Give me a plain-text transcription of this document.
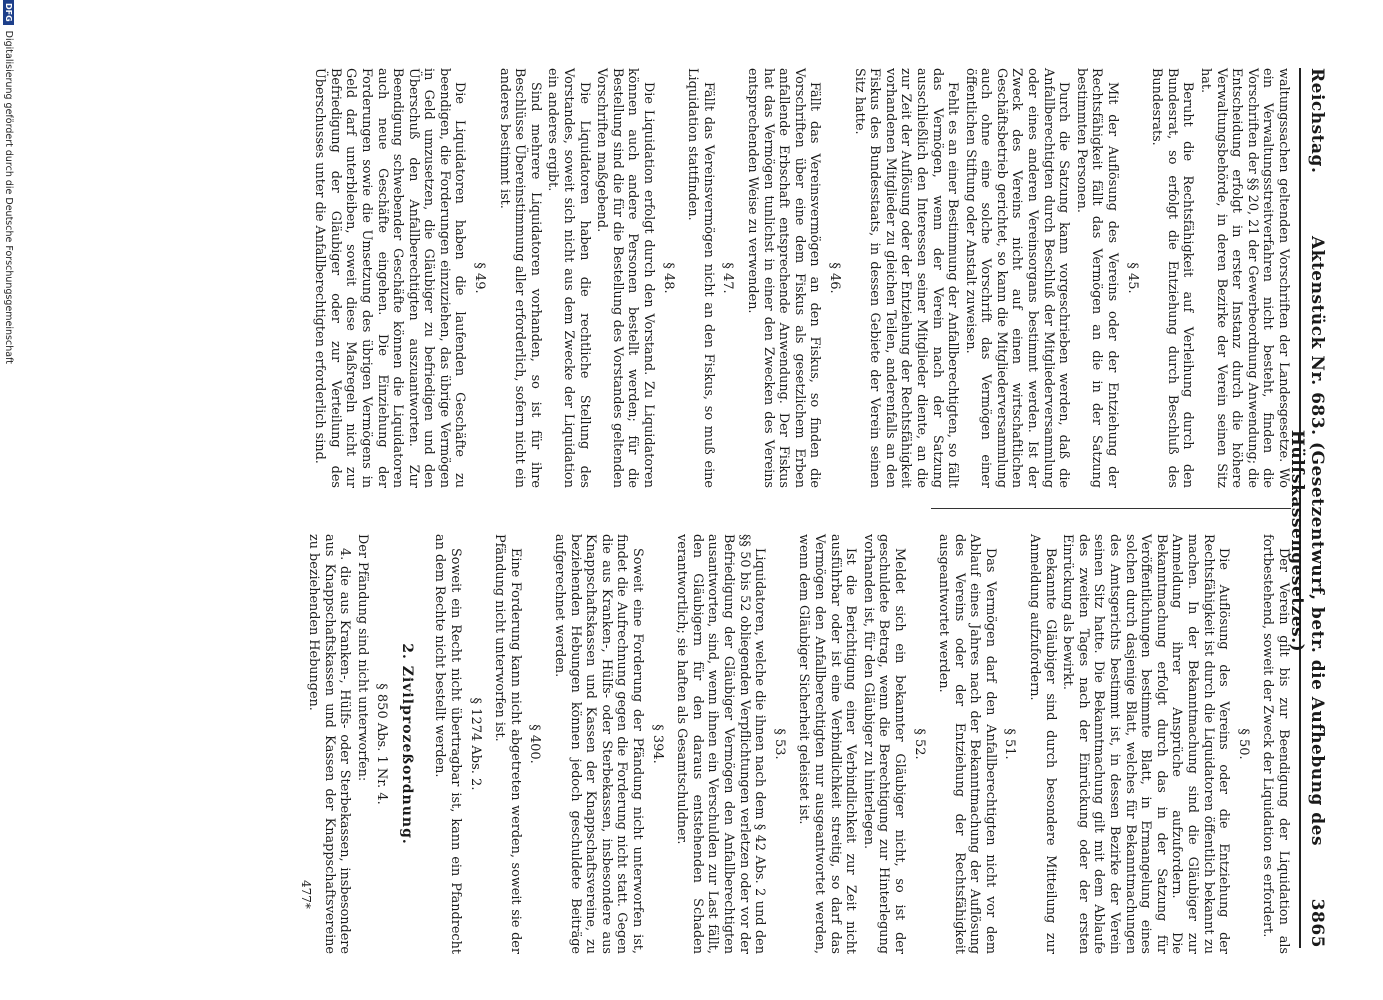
Reichstag.
Aktenstück Nr. 683. (Gesetzentwurf, betr. die Aufhebung des Hülfskassengesetzes.)
3865

waltungssachen geltenden Vorschriften der Landesgesetze. Wo ein Verwaltungsstreitverfahren nicht besteht, finden die Vorschriften der §§ 20, 21 der Gewerbeordnung Anwendung; die Entscheidung erfolgt in erster Instanz durch die höhere Verwaltungsbehörde, in deren Bezirke der Verein seinen Sitz hat.

Beruht die Rechtsfähigkeit auf Verleihung durch den Bundesrat, so erfolgt die Entziehung durch Beschluß des Bundesrats.

§ 45.

Mit der Auflösung des Vereins oder der Entziehung der Rechtsfähigkeit fällt das Vermögen an die in der Satzung bestimmten Personen.

Durch die Satzung kann vorgeschrieben werden, daß die Anfallberechtigten durch Beschluß der Mitgliederversammlung oder eines anderen Vereinsorgans bestimmt werden. Ist der Zweck des Vereins nicht auf einen wirtschaftlichen Geschäftsbetrieb gerichtet, so kann die Mitgliederversammlung auch ohne eine solche Vorschrift das Vermögen einer öffentlichen Stiftung oder Anstalt zuweisen.

Fehlt es an einer Bestimmung der Anfallberechtigten, so fällt das Vermögen, wenn der Verein nach der Satzung ausschließlich den Interessen seiner Mitglieder diente, an die zur Zeit der Auflösung oder der Entziehung der Rechtsfähigkeit vorhandenen Mitglieder zu gleichen Teilen, anderenfalls an den Fiskus des Bundesstaats, in dessen Gebiete der Verein seinen Sitz hatte.

§ 46.

Fällt das Vereinsvermögen an den Fiskus, so finden die Vorschriften über eine dem Fiskus als gesetzlichem Erben anfallende Erbschaft entsprechende Anwendung. Der Fiskus hat das Vermögen tunlichst in einer den Zwecken des Vereins entsprechenden Weise zu verwenden.

§ 47.

Fällt das Vereinsvermögen nicht an den Fiskus, so muß eine Liquidation stattfinden.

§ 48.

Die Liquidation erfolgt durch den Vorstand. Zu Liquidatoren können auch andere Personen bestellt werden; für die Bestellung sind die für die Bestellung des Vorstandes geltenden Vorschriften maßgebend.

Die Liquidatoren haben die rechtliche Stellung des Vorstandes, soweit sich nicht aus dem Zwecke der Liquidation ein anderes ergibt.

Sind mehrere Liquidatoren vorhanden, so ist für ihre Beschlüsse Übereinstimmung aller erforderlich, sofern nicht ein anderes bestimmt ist.

§ 49.

Die Liquidatoren haben die laufenden Geschäfte zu beendigen, die Forderungen einzuziehen, das übrige Vermögen in Geld umzusetzen, die Gläubiger zu befriedigen und den Überschuß den Anfallberechtigten auszuantworten. Zur Beendigung schwebender Geschäfte können die Liquidatoren auch neue Geschäfte eingehen. Die Einziehung der Forderungen sowie die Umsetzung des übrigen Vermögens in Geld darf unterbleiben, soweit diese Maßregeln nicht zur Befriedigung der Gläubiger oder zur Verteilung des Überschusses unter die Anfallberechtigten erforderlich sind.

Der Verein gilt bis zur Beendigung der Liquidation als fortbestehend, soweit der Zweck der Liquidation es erfordert.

§ 50.

Die Auflösung des Vereins oder die Entziehung der Rechtsfähigkeit ist durch die Liquidatoren öffentlich bekannt zu machen. In der Bekanntmachung sind die Gläubiger zur Anmeldung ihrer Ansprüche aufzufordern. Die Bekanntmachung erfolgt durch das in der Satzung für Veröffentlichungen bestimmte Blatt, in Ermangelung eines solchen durch dasjenige Blatt, welches für Bekanntmachungen des Amtsgerichts bestimmt ist, in dessen Bezirke der Verein seinen Sitz hatte. Die Bekanntmachung gilt mit dem Ablaufe des zweiten Tages nach der Einrückung oder der ersten Einrückung als bewirkt.

Bekannte Gläubiger sind durch besondere Mitteilung zur Anmeldung aufzufordern.

§ 51.

Das Vermögen darf den Anfallberechtigten nicht vor dem Ablauf eines Jahres nach der Bekanntmachung der Auflösung des Vereins oder der Entziehung der Rechtsfähigkeit ausgeantwortet werden.

§ 52.

Meldet sich ein bekannter Gläubiger nicht, so ist der geschuldete Betrag, wenn die Berechtigung zur Hinterlegung vorhanden ist, für den Gläubiger zu hinterlegen.

Ist die Berichtigung einer Verbindlichkeit zur Zeit nicht ausführbar oder ist eine Verbindlichkeit streitig, so darf das Vermögen den Anfallberechtigten nur ausgeantwortet werden, wenn dem Gläubiger Sicherheit geleistet ist.

§ 53.

Liquidatoren, welche die ihnen nach dem § 42 Abs. 2 und den §§ 50 bis 52 obliegenden Verpflichtungen verletzen oder vor der Befriedigung der Gläubiger Vermögen den Anfallberechtigten ausantworten, sind, wenn ihnen ein Verschulden zur Last fällt, den Gläubigern für den daraus entstehenden Schaden verantwortlich; sie haften als Gesamtschuldner.

§ 394.

Soweit eine Forderung der Pfändung nicht unterworfen ist, findet die Aufrechnung gegen die Forderung nicht statt. Gegen die aus Kranken-, Hülfs- oder Sterbekassen, insbesondere aus Knappschaftskassen und Kassen der Knappschaftsvereine, zu beziehenden Hebungen können jedoch geschuldete Beiträge aufgerechnet werden.

§ 400.

Eine Forderung kann nicht abgetreten werden, soweit sie der Pfändung nicht unterworfen ist.

§ 1274 Abs. 2.

Soweit ein Recht nicht übertragbar ist, kann ein Pfandrecht an dem Rechte nicht bestellt werden.

2. Zivilprozeßordnung.
§ 850 Abs. 1 Nr. 4.

Der Pfändung sind nicht unterworfen:

4. die aus Kranken-, Hülfs- oder Sterbekassen, insbesondere aus Knappschaftskassen und Kassen der Knappschaftsvereine zu beziehenden Hebungen.

477*
DFG
Digitalisierung gefördert durch die Deutsche Forschungsgemeinschaft
